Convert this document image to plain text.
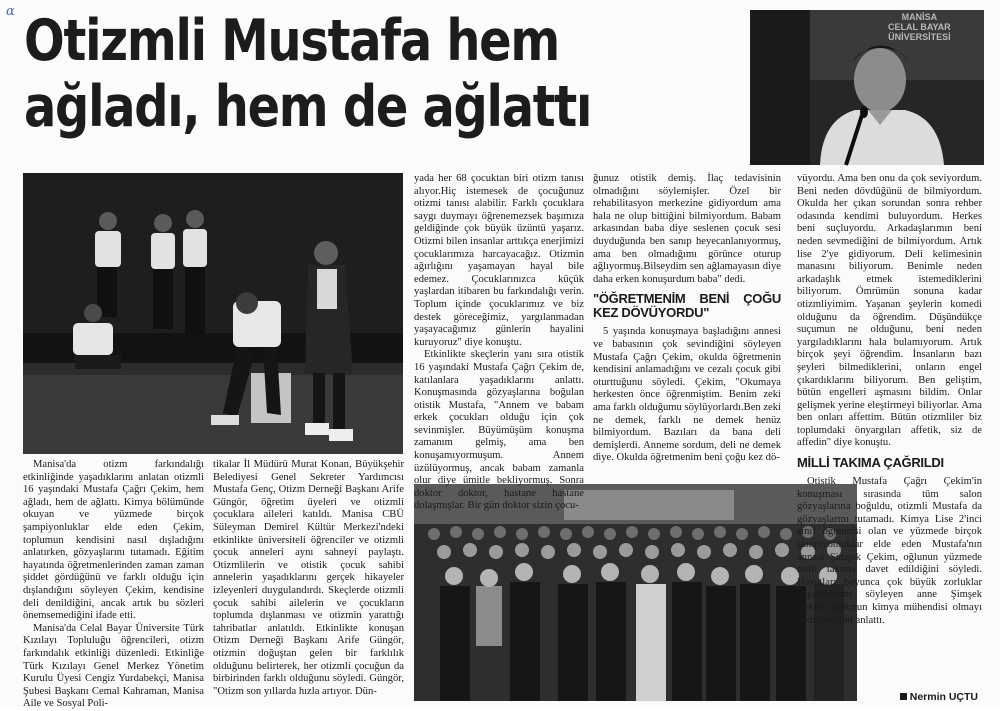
α Otizmli Mustafa hem
ağladı, hem de ağlattı
MANİSA
CELAL BAYAR
ÜNİVERSİTESİ

Manisa'da otizm farkındalığı etkinliğinde yaşadıklarını anlatan otizmli 16 yaşındaki Mustafa Çağrı Çekim, hem ağladı, hem de ağlattı. Kimya bölümünde okuyan ve yüzmede birçok şampiyonluklar elde eden Çekim, toplumun kendisini nasıl dışladığını anlatırken, gözyaşlarını tutamadı. Eğitim hayatında öğretmenlerinden zaman zaman şiddet gördüğünü ve farklı olduğu için dışlandığını söyleyen Çekim, kendisine deli denildiğini, ancak artık bu sözleri önemsemediğini ifade etti.

Manisa'da Celal Bayar Üniversite Türk Kızılayı Topluluğu öğrencileri, otizm farkındalık etkinliği düzenledi. Etkinliğe Türk Kızılayı Genel Merkez Yönetim Kurulu Üyesi Cengiz Yurdabekçi, Manisa Şubesi Başkanı Cemal Kahraman, Manisa Aile ve Sosyal Poli-

tikalar İl Müdürü Murat Konan, Büyükşehir Belediyesi Genel Sekreter Yardımcısı Mustafa Genç, Otizm Derneği Başkanı Arife Güngör, öğretim üyeleri ve otizmli çocuklara aileleri katıldı. Manisa CBÜ Süleyman Demirel Kültür Merkezi'ndeki etkinlikte üniversiteli öğrenciler ve otizmli çocuk anneleri aynı sahneyi paylaştı. Otizmlilerin ve otistik çocuk sahibi annelerin yaşadıklarını gerçek hikayeler izleyenleri duygulandırdı. Skeçlerde otizmli çocuk sahibi ailelerin ve çocukların toplumda dışlanması ve otizmin yarattığı tahribatlar anlatıldı. Etkinlikte konuşan Otizm Derneği Başkanı Arife Güngör, otizmin doğuştan gelen bir farklılık olduğunu belirterek, her otizmli çocuğun da birbirinden farklı olduğunu söyledi. Güngör, "Otizm son yıllarda hızla artıyor. Dün-

yada her 68 çocuktan biri otizm tanısı alıyor.Hiç istemesek de çocuğunuz otizmi tanısı alabilir. Farklı çocuklara saygı duymayı öğrenemezsek başımıza geldiğinde çok büyük üzüntü yaşarız. Otizmi bilen insanlar arttıkça enerjimizi çocuklarımıza harcayacağız. Otizmin ağırlığını yaşamayan hayal bile edemez. Çocuklarınızca küçük yaşlardan itibaren bu farkındalığı verin. Toplum içinde çocuklarımız ve biz destek göreceğimiz, yargılanmadan yaşayacağımız günlerin hayalini kuruyoruz" diye konuştu.

Etkinlikte skeçlerin yanı sıra otistik 16 yaşındaki Mustafa Çağrı Çekim de, katılanlara yaşadıklarını anlattı. Konuşmasında gözyaşlarına boğulan otistik Mustafa, "Annem ve babam erkek çocukları olduğu için çok sevinmişler. Büyümüşüm konuşma zamanım gelmiş, ama ben konuşamıyormuşum. Annem üzülüyormuş, ancak babam zamanla olur diye ümitle bekliyormuş. Sonra doktor doktor, hastane hastane dolaşmışlar. Bir gün doktor sizin çocu-

ğunuz otistik demiş. İlaç tedavisinin olmadığını söylemişler. Özel bir rehabilitasyon merkezine gidiyordum ama hala ne olup bittiğini bilmiyordum. Babam arkasından baba diye seslenen çocuk sesi duyduğunda ben sanıp heyecanlanıyormuş, ama ben olmadığımı görünce oturup ağlıyormuş.Bilseydim sen ağlamayasın diye daha erken konuşurdum baba" dedi.

"ÖĞRETMENİM BENİ ÇOĞU KEZ DÖVÜYORDU"

5 yaşında konuşmaya başladığını annesi ve babasının çok sevindiğini söyleyen Mustafa Çağrı Çekim, okulda öğretmenin kendisini anlamadığını ve cezalı çocuk gibi oturttuğunu söyledi. Çekim, "Okumaya herkesten önce öğrenmiştim. Benim zeki ama farklı olduğumu söylüyorlardı.Ben zeki ne demek, farklı ne demek henüz bilmiyordum. Bazıları da bana deli demişlerdi. Anneme sordum, deli ne demek diye. Okulda öğretmenim beni çoğu kez dö-

vüyordu. Ama ben onu da çok seviyordum. Beni neden dövdüğünü de bilmiyordum. Okulda her çıkan sorundan sonra rehber odasında kendimi buluyordum. Herkes beni suçluyordu. Arkadaşlarımın beni neden sevmediğini de bilmiyordum. Artık lise 2'ye gidiyorum. Deli kelimesinin manasını biliyorum. Benimle neden arkadaşlık etmek istemediklerini biliyorum. Ömrümün sonuna kadar otizmliyimim. Yaşanan şeylerin komedi olduğunu da öğrendim. Düşündükçe suçumun ne olduğunu, beni neden yargıladıklarını hala bulamıyorum. Artık birçok şeyi öğrendim. İnsanların bazı şeyleri bilmediklerini, onların engel çıkardıklarını biliyorum. Ben geliştim, bütün engelleri aşmasını bildim. Onlar gelişmek yerine eleştirmeyi biliyorlar. Ama ben onları affettim. Bütün otizmliler biz toplumdaki önyargıları affetik, siz de affedin" diye konuştu.

MİLLİ TAKIMA ÇAĞRILDI

Otistik Mustafa Çağrı Çekim'in konuşması sırasında tüm salon gözyaşlarına boğuldu, otizmli Mustafa da gözyaşlarını tutamadı. Kimya Lise 2'inci sınıf öğrencisi olan ve yüzmede birçok şampiyonluklar elde eden Mustafa'nın annesi Şimşek Çekim, oğlunun yüzmede milli takıma davet edildiğini söyledi. Hayatları boyunca çok büyük zorluklar yaşadıklarını söyleyen anne Şimşek Çekim, oğlunun kimya mühendisi olmayı hedeflediğini anlattı.

Nermin UÇTU
